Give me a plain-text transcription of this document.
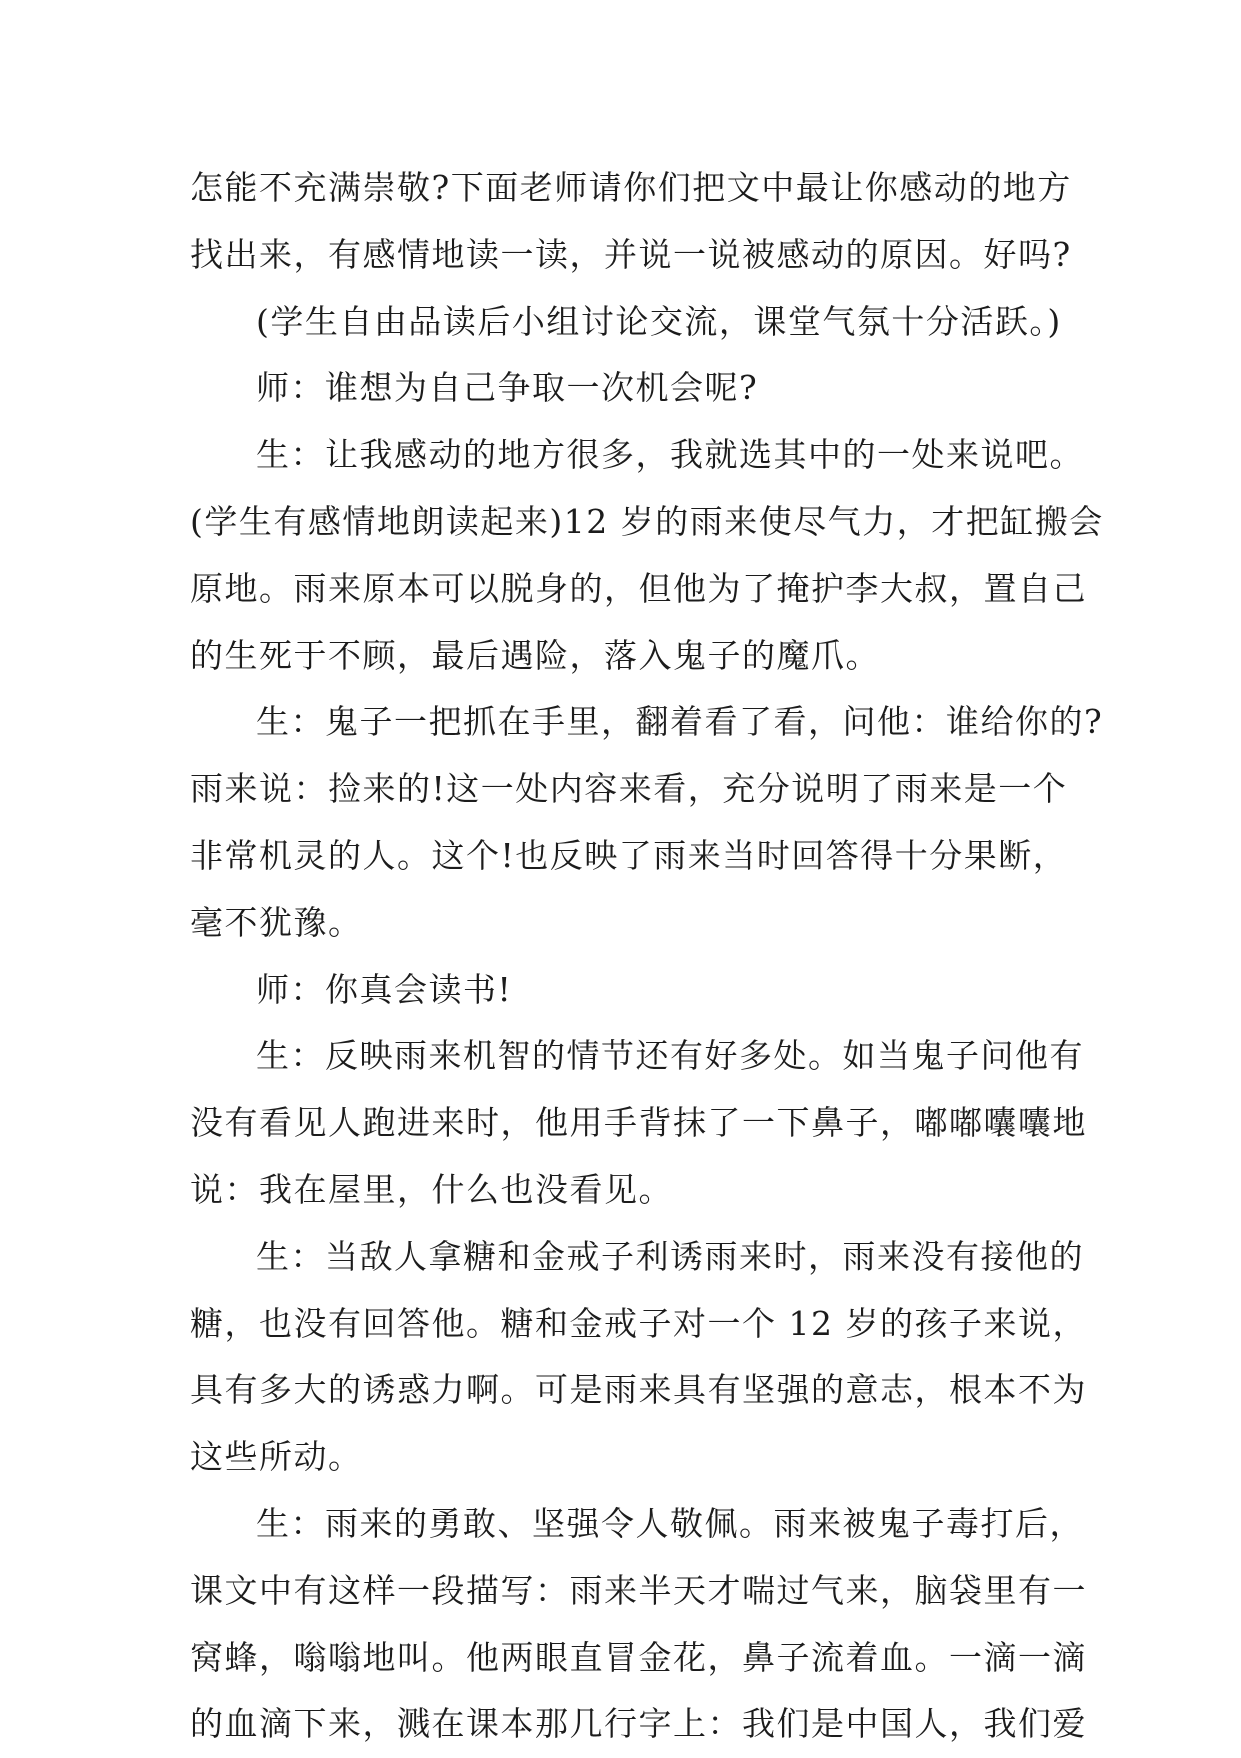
怎能不充满崇敬?下面老师请你们把文中最让你感动的地方
找出来，有感情地读一读，并说一说被感动的原因。好吗?
(学生自由品读后小组讨论交流，课堂气氛十分活跃。)
师：谁想为自己争取一次机会呢?
生：让我感动的地方很多，我就选其中的一处来说吧。
(学生有感情地朗读起来)12 岁的雨来使尽气力，才把缸搬会
原地。雨来原本可以脱身的，但他为了掩护李大叔，置自己
的生死于不顾，最后遇险，落入鬼子的魔爪。
生：鬼子一把抓在手里，翻着看了看，问他：谁给你的?
雨来说：捡来的!这一处内容来看，充分说明了雨来是一个
非常机灵的人。这个!也反映了雨来当时回答得十分果断，
毫不犹豫。
师：你真会读书!
生：反映雨来机智的情节还有好多处。如当鬼子问他有
没有看见人跑进来时，他用手背抹了一下鼻子，嘟嘟囔囔地
说：我在屋里，什么也没看见。
生：当敌人拿糖和金戒子利诱雨来时，雨来没有接他的
糖，也没有回答他。糖和金戒子对一个 12 岁的孩子来说，
具有多大的诱惑力啊。可是雨来具有坚强的意志，根本不为
这些所动。
生：雨来的勇敢、坚强令人敬佩。雨来被鬼子毒打后，
课文中有这样一段描写：雨来半天才喘过气来，脑袋里有一
窝蜂，嗡嗡地叫。他两眼直冒金花，鼻子流着血。一滴一滴
的血滴下来，溅在课本那几行字上：我们是中国人，我们爱
